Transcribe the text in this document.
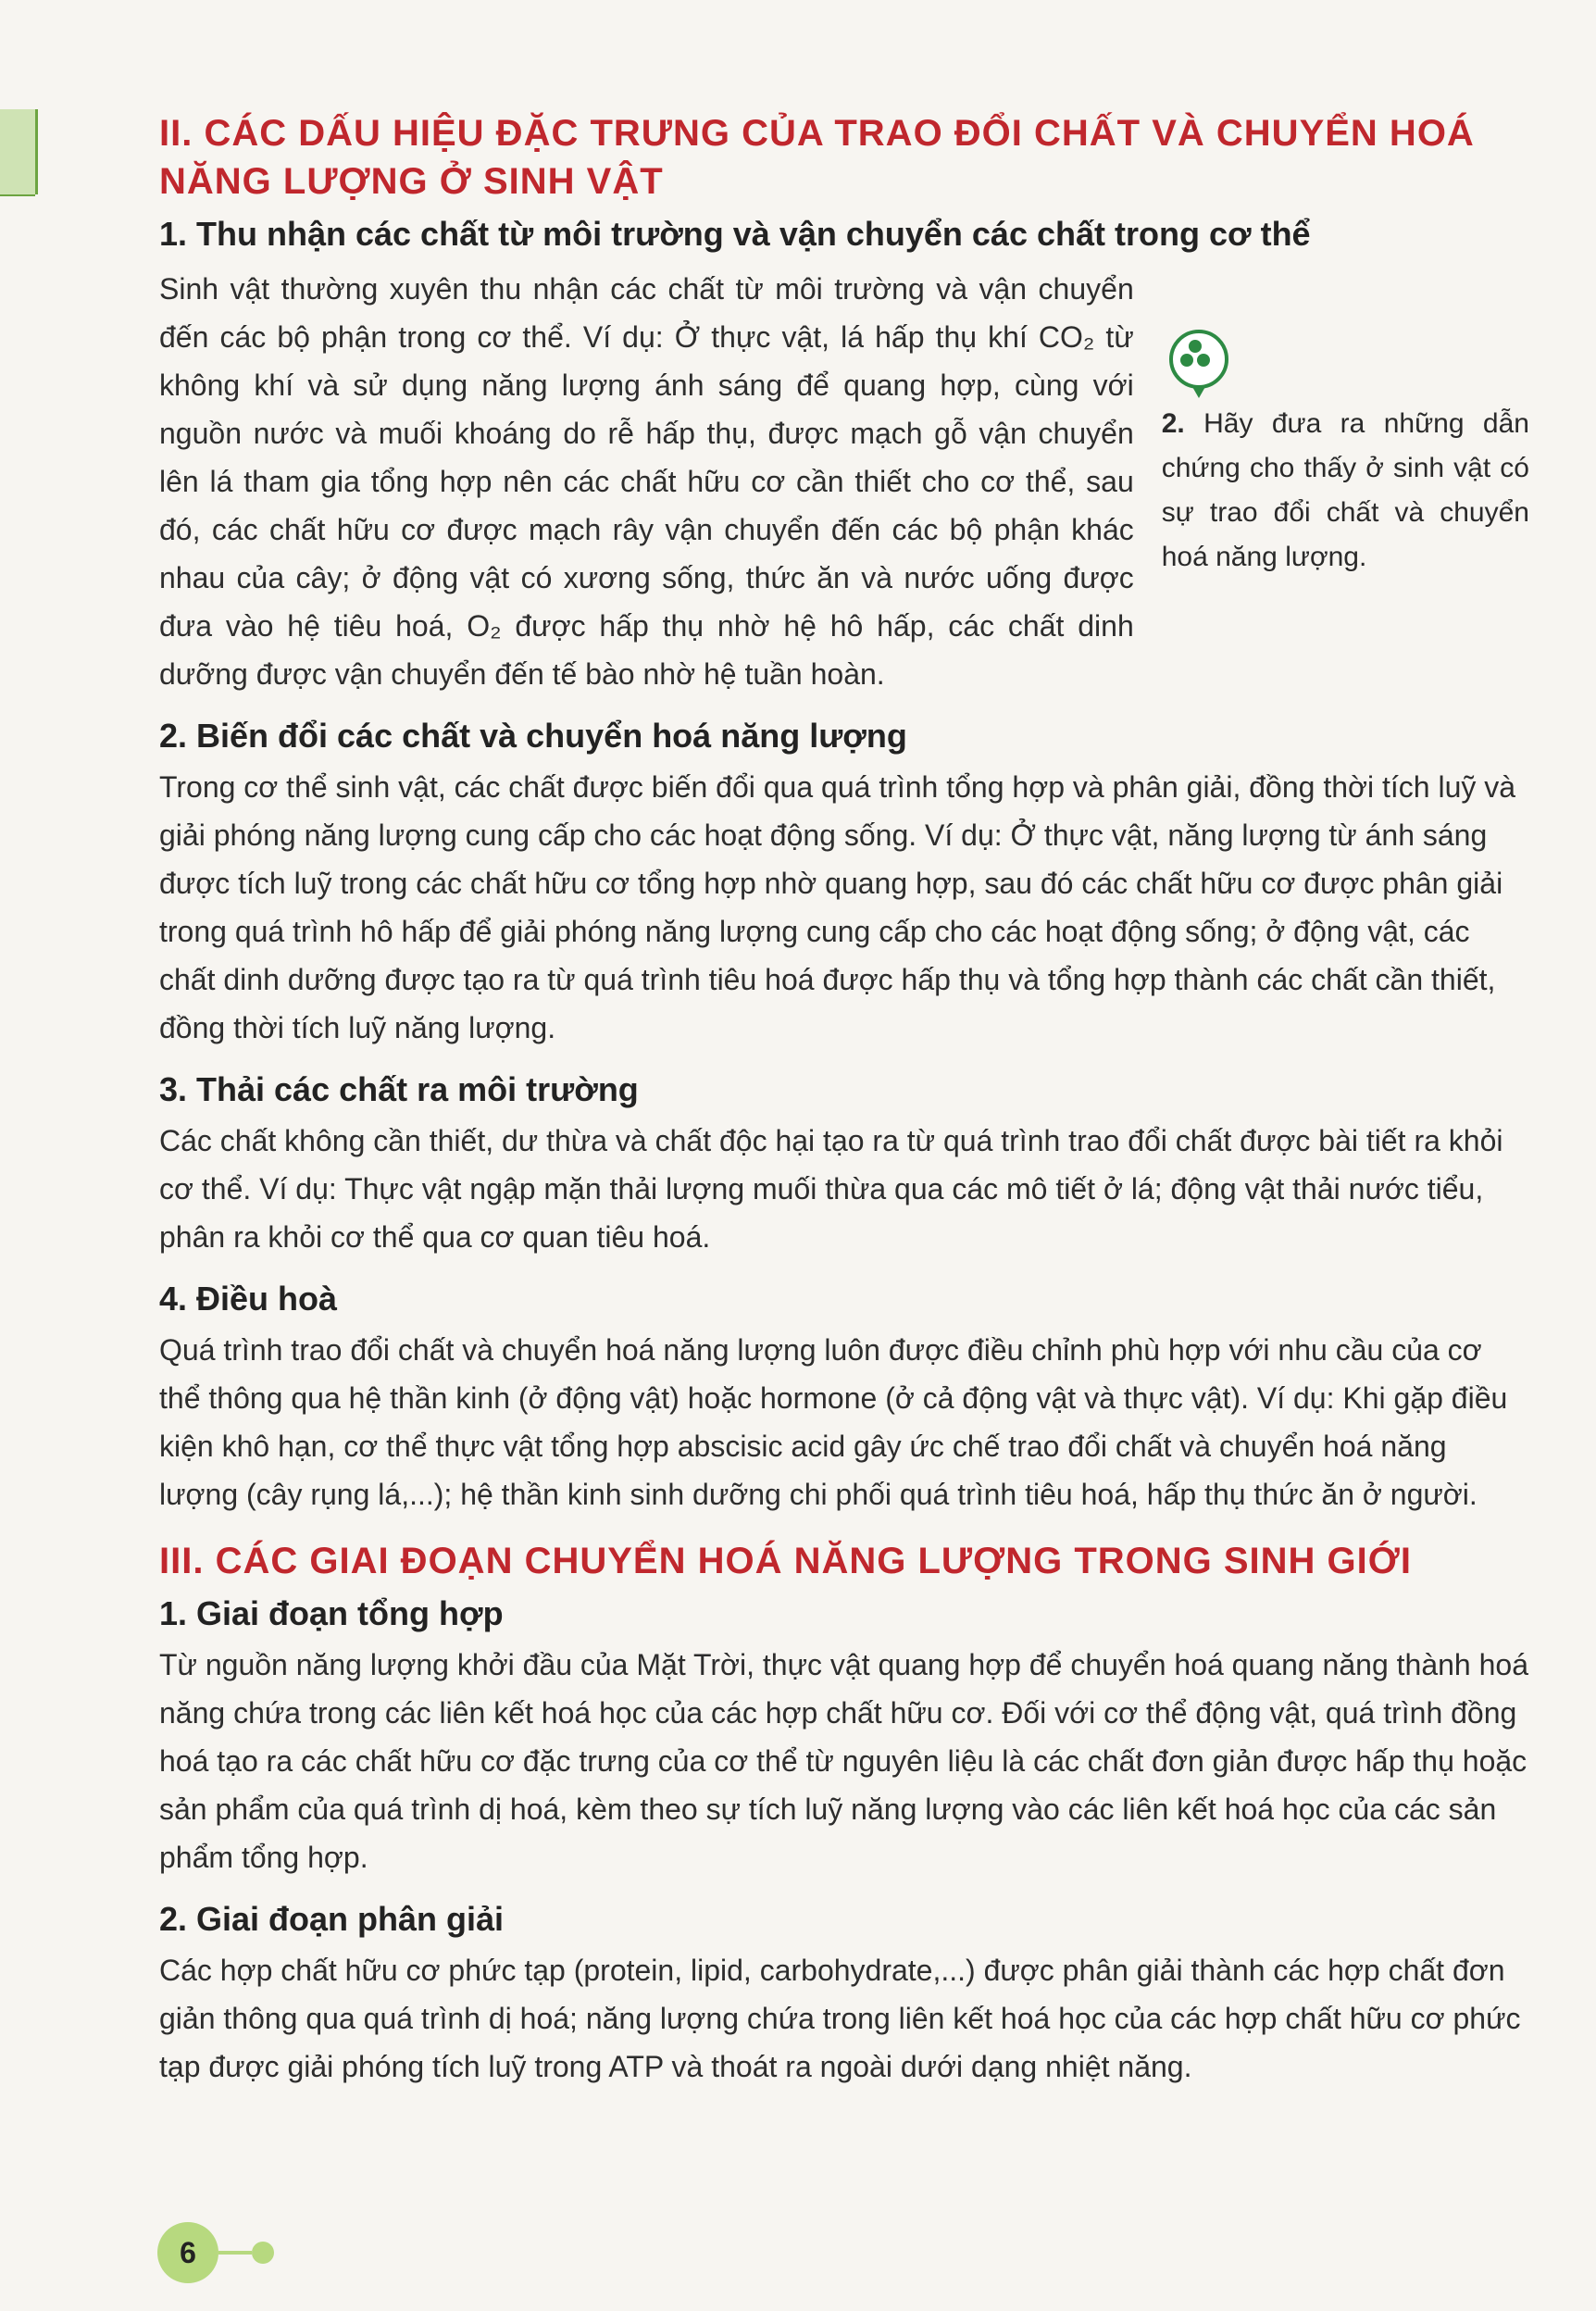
II. CÁC DẤU HIỆU ĐẶC TRƯNG CỦA TRAO ĐỔI CHẤT VÀ CHUYỂN HOÁ NĂNG LƯỢNG Ở SINH VẬT
1. Thu nhận các chất từ môi trường và vận chuyển các chất trong cơ thể

Sinh vật thường xuyên thu nhận các chất từ môi trường và vận chuyển đến các bộ phận trong cơ thể. Ví dụ: Ở thực vật, lá hấp thụ khí CO₂ từ không khí và sử dụng năng lượng ánh sáng để quang hợp, cùng với nguồn nước và muối khoáng do rễ hấp thụ, được mạch gỗ vận chuyển lên lá tham gia tổng hợp nên các chất hữu cơ cần thiết cho cơ thể, sau đó, các chất hữu cơ được mạch rây vận chuyển đến các bộ phận khác nhau của cây; ở động vật có xương sống, thức ăn và nước uống được đưa vào hệ tiêu hoá, O₂ được hấp thụ nhờ hệ hô hấp, các chất dinh dưỡng được vận chuyển đến tế bào nhờ hệ tuần hoàn.

2. Hãy đưa ra những dẫn chứng cho thấy ở sinh vật có sự trao đổi chất và chuyển hoá năng lượng.
2. Biến đổi các chất và chuyển hoá năng lượng

Trong cơ thể sinh vật, các chất được biến đổi qua quá trình tổng hợp và phân giải, đồng thời tích luỹ và giải phóng năng lượng cung cấp cho các hoạt động sống. Ví dụ: Ở thực vật, năng lượng từ ánh sáng được tích luỹ trong các chất hữu cơ tổng hợp nhờ quang hợp, sau đó các chất hữu cơ được phân giải trong quá trình hô hấp để giải phóng năng lượng cung cấp cho các hoạt động sống; ở động vật, các chất dinh dưỡng được tạo ra từ quá trình tiêu hoá được hấp thụ và tổng hợp thành các chất cần thiết, đồng thời tích luỹ năng lượng.

3. Thải các chất ra môi trường

Các chất không cần thiết, dư thừa và chất độc hại tạo ra từ quá trình trao đổi chất được bài tiết ra khỏi cơ thể. Ví dụ: Thực vật ngập mặn thải lượng muối thừa qua các mô tiết ở lá; động vật thải nước tiểu, phân ra khỏi cơ thể qua cơ quan tiêu hoá.

4. Điều hoà

Quá trình trao đổi chất và chuyển hoá năng lượng luôn được điều chỉnh phù hợp với nhu cầu của cơ thể thông qua hệ thần kinh (ở động vật) hoặc hormone (ở cả động vật và thực vật). Ví dụ: Khi gặp điều kiện khô hạn, cơ thể thực vật tổng hợp abscisic acid gây ức chế trao đổi chất và chuyển hoá năng lượng (cây rụng lá,...); hệ thần kinh sinh dưỡng chi phối quá trình tiêu hoá, hấp thụ thức ăn ở người.

III. CÁC GIAI ĐOẠN CHUYỂN HOÁ NĂNG LƯỢNG TRONG SINH GIỚI
1. Giai đoạn tổng hợp

Từ nguồn năng lượng khởi đầu của Mặt Trời, thực vật quang hợp để chuyển hoá quang năng thành hoá năng chứa trong các liên kết hoá học của các hợp chất hữu cơ. Đối với cơ thể động vật, quá trình đồng hoá tạo ra các chất hữu cơ đặc trưng của cơ thể từ nguyên liệu là các chất đơn giản được hấp thụ hoặc sản phẩm của quá trình dị hoá, kèm theo sự tích luỹ năng lượng vào các liên kết hoá học của các sản phẩm tổng hợp.

2. Giai đoạn phân giải

Các hợp chất hữu cơ phức tạp (protein, lipid, carbohydrate,...) được phân giải thành các hợp chất đơn giản thông qua quá trình dị hoá; năng lượng chứa trong liên kết hoá học của các hợp chất hữu cơ phức tạp được giải phóng tích luỹ trong ATP và thoát ra ngoài dưới dạng nhiệt năng.

6
